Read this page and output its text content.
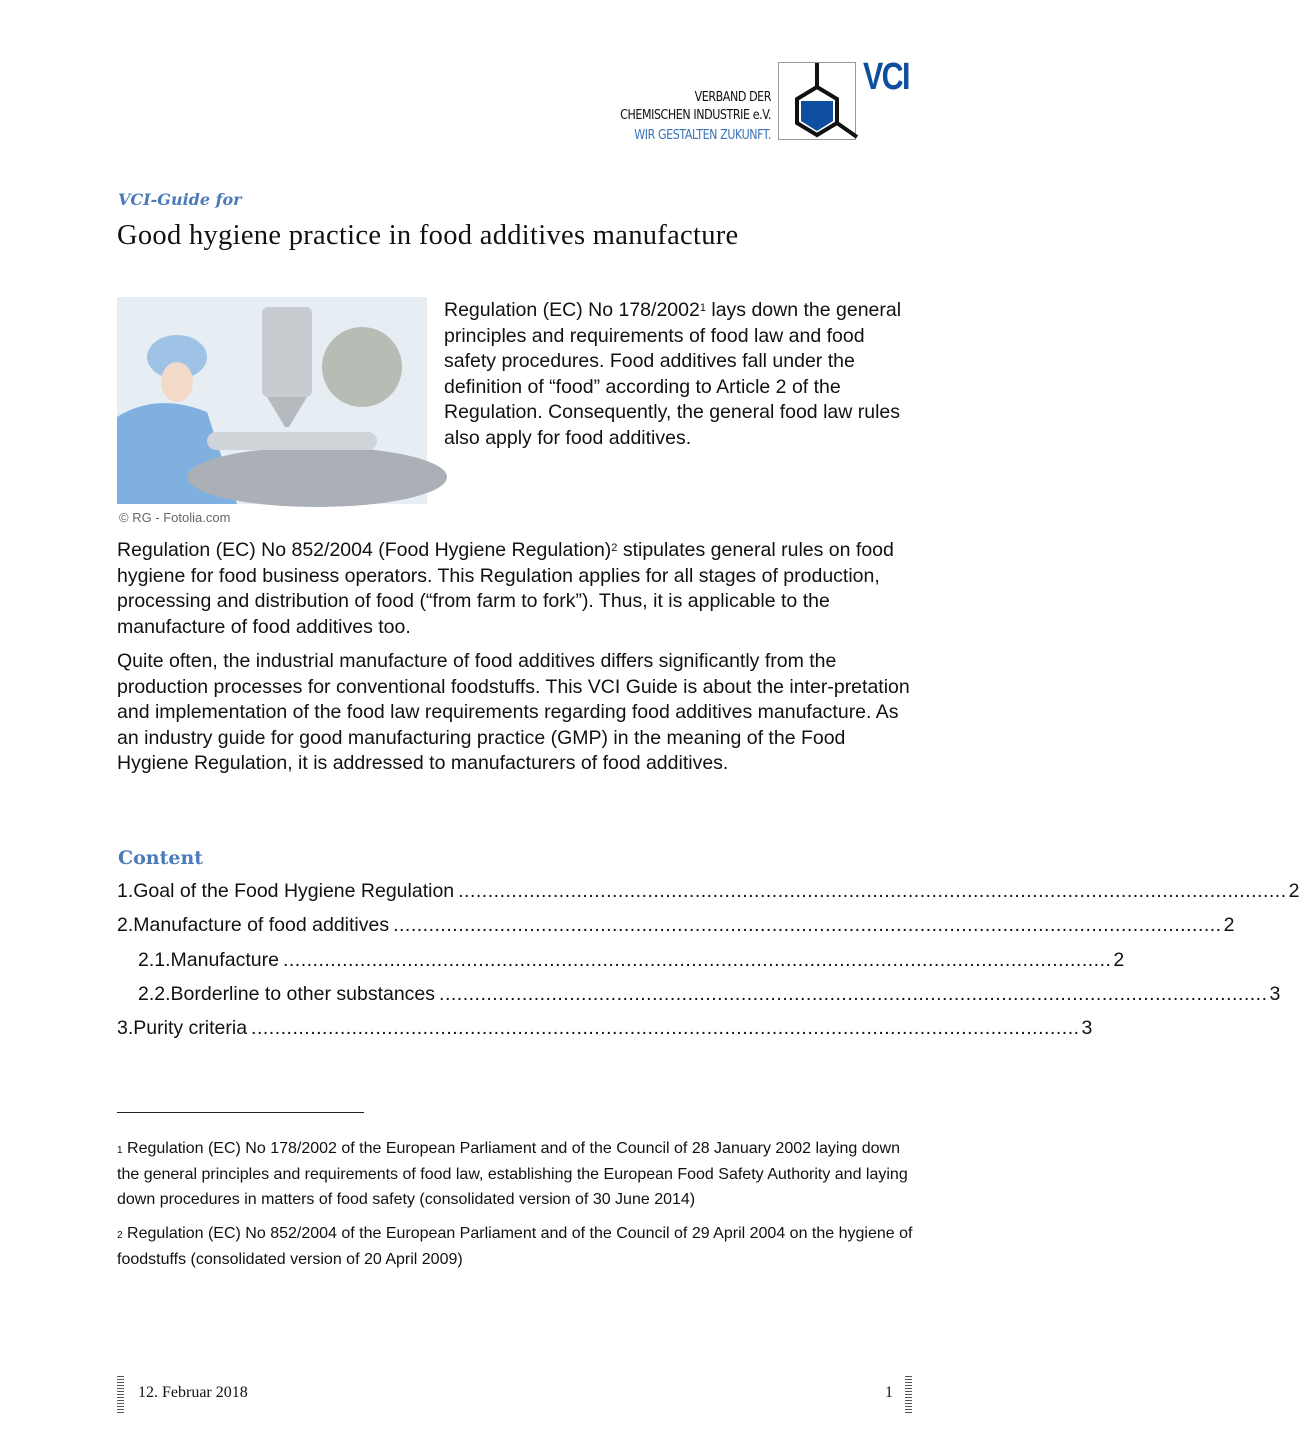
VERBAND DER
CHEMISCHEN INDUSTRIE e.V.
WIR GESTALTEN ZUKUNFT.
VCI
VCI-Guide for
Good hygiene practice in food additives manufacture
© RG - Fotolia.com
Regulation (EC) No 178/2002$^1$ lays down the general principles and requirements of food law and food safety procedures. Food additives fall under the definition of “food” according to Article 2 of the Regulation. Consequently, the general food law rules also apply for food additives.
Regulation (EC) No 852/2004 (Food Hygiene Regulation)$^2$ stipulates general rules on food hygiene for food business operators. This Regulation applies for all stages of production, processing and distribution of food (“from farm to fork”). Thus, it is applicable to the manufacture of food additives too.
Quite often, the industrial manufacture of food additives differs significantly from the production processes for conventional foodstuffs. This VCI Guide is about the inter-pretation and implementation of the food law requirements regarding food additives manufacture. As an industry guide for good manufacturing practice (GMP) in the meaning of the Food Hygiene Regulation, it is addressed to manufacturers of food additives.
Content
1. Goal of the Food Hygiene Regulation ............................................................................................................................................ 2
2. Manufacture of food additives ............................................................................................................................................ 2
2.1. Manufacture ............................................................................................................................................ 2
2.2. Borderline to other substances ............................................................................................................................................ 3
3. Purity criteria ............................................................................................................................................ 3
$^1$ Regulation (EC) No 178/2002 of the European Parliament and of the Council of 28 January 2002 laying down the general principles and requirements of food law, establishing the European Food Safety Authority and laying down procedures in matters of food safety (consolidated version of 30 June 2014)
$^2$ Regulation (EC) No 852/2004 of the European Parliament and of the Council of 29 April 2004 on the hygiene of foodstuffs (consolidated version of 20 April 2009)
12. Februar 2018	1
